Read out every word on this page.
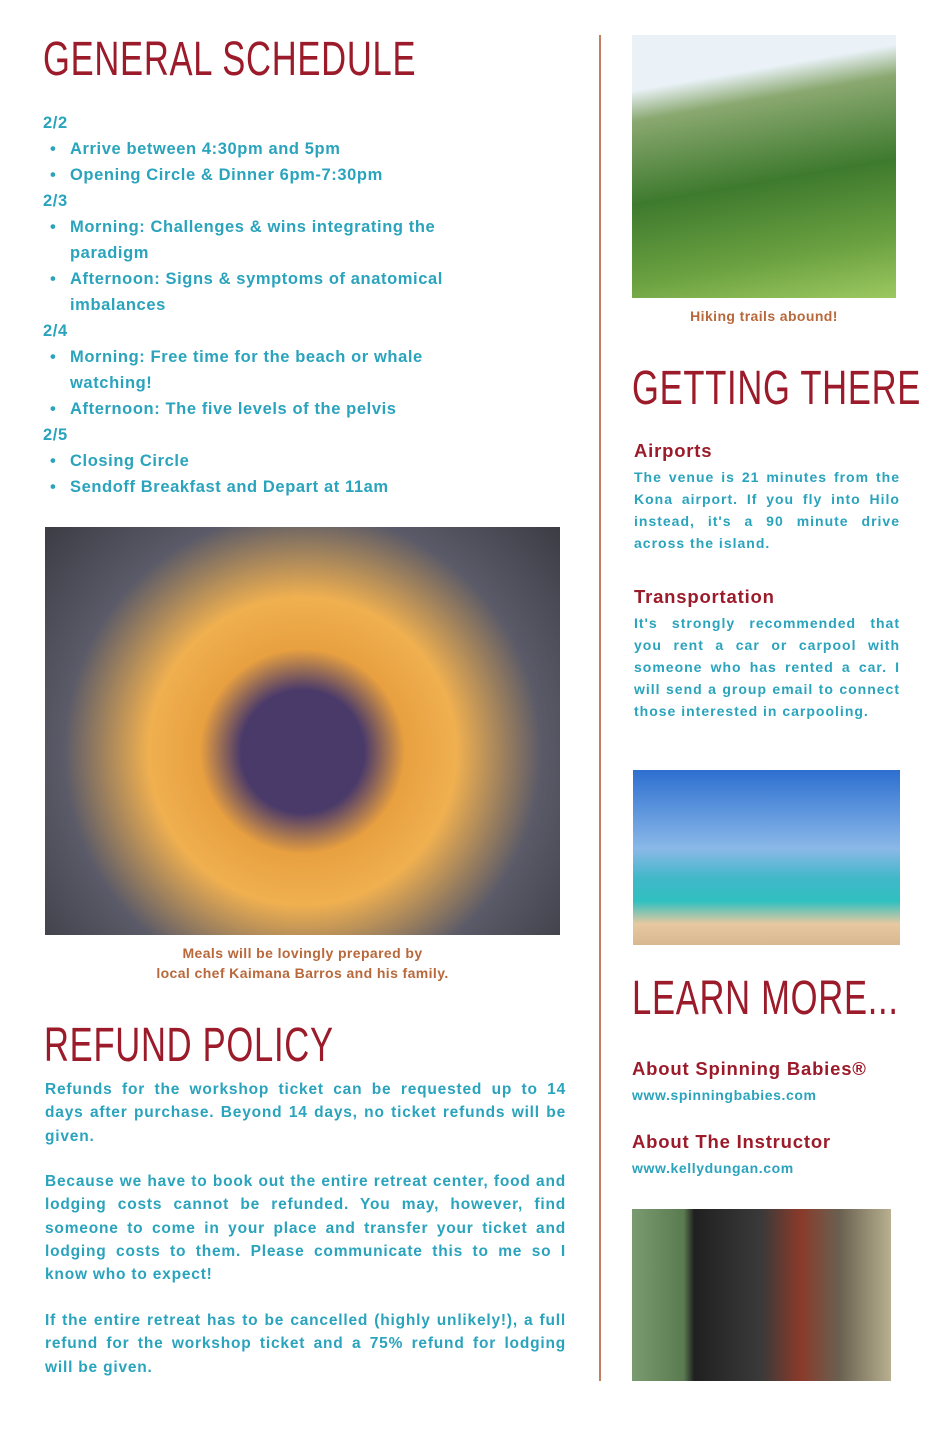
GENERAL SCHEDULE
2/2
• Arrive between 4:30pm and 5pm
• Opening Circle & Dinner 6pm-7:30pm
2/3
• Morning: Challenges & wins integrating the paradigm
• Afternoon: Signs & symptoms of anatomical imbalances
2/4
• Morning: Free time for the beach or whale watching!
• Afternoon: The five levels of the pelvis
2/5
• Closing Circle
• Sendoff Breakfast and Depart at 11am
Meals will be lovingly prepared by
local chef Kaimana Barros and his family.
REFUND POLICY
Refunds for the workshop ticket can be requested up to 14 days after purchase. Beyond 14 days, no ticket refunds will be given.
Because we have to book out the entire retreat center, food and lodging costs cannot be refunded. You may, however, find someone to come in your place and transfer your ticket and lodging costs to them. Please communicate this to me so I know who to expect!
If the entire retreat has to be cancelled (highly unlikely!), a full refund for the workshop ticket and a 75% refund for lodging will be given.
Hiking trails abound!
GETTING THERE
Airports
The venue is 21 minutes from the Kona airport. If you fly into Hilo instead, it's a 90 minute drive across the island.
Transportation
It's strongly recommended that you rent a car or carpool with someone who has rented a car. I will send a group email to connect those interested in carpooling.
LEARN MORE...
About Spinning Babies®
www.spinningbabies.com
About The Instructor
www.kellydungan.com
